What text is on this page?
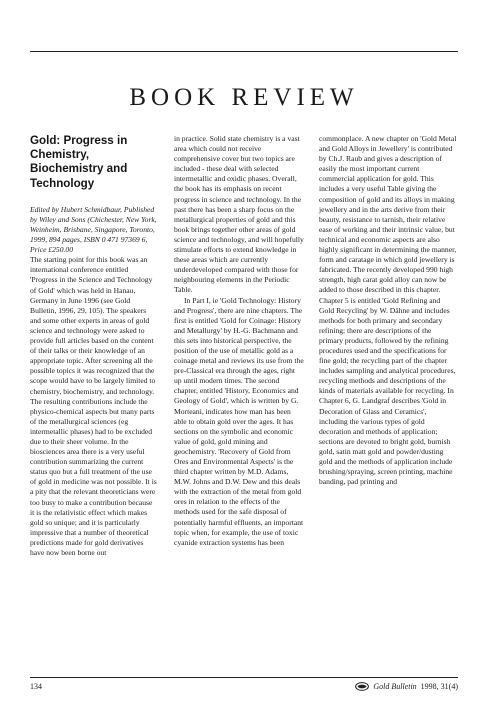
BOOK REVIEW
Gold: Progress in Chemistry, Biochemistry and Technology

Edited by Hubert Schmidbaur, Published by Wiley and Sons (Chichester, New York, Weinheim, Brisbane, Singapore, Toronto, 1999, 894 pages, ISBN 0 471 97369 6, Price £250.00

The starting point for this book was an international conference entitled 'Progress in the Science and Technology of Gold' which was held in Hanau, Germany in June 1996 (see Gold Bulletin, 1996, 29, 105). The speakers and some other experts in areas of gold science and technology were asked to provide full articles based on the content of their talks or their knowledge of an appropriate topic. After screening all the possible topics it was recognized that the scope would have to be largely limited to chemistry, biochemistry, and technology. The resulting contributions include the physico-chemical aspects but many parts of the metallurgical sciences (eg intermetallic phases) had to be excluded due to their sheer volume. In the biosciences area there is a very useful contribution summarizing the current status quo but a full treatment of the use of gold in medicine was not possible. It is a pity that the relevant theoreticians were too busy to make a contribution because it is the relativistic effect which makes gold so unique; and it is particularly impressive that a number of theoretical predictions made for gold derivatives have now been borne out

in practice. Solid state chemistry is a vast area which could not receive comprehensive cover but two topics are included - these deal with selected intermetallic and oxidic phases. Overall, the book has its emphasis on recent progress in science and technology. In the past there has been a sharp focus on the metallurgical properties of gold and this book brings together other areas of gold science and technology, and will hopefully stimulate efforts to extend knowledge in these areas which are currently underdeveloped compared with those for neighbouring elements in the Periodic Table.

In Part I, ie 'Gold Technology: History and Progress', there are nine chapters. The first is entitled 'Gold for Coinage: History and Metallurgy' by H.-G. Bachmann and this sets into historical perspective, the position of the use of metallic gold as a coinage metal and reviews its use from the pre-Classical era through the ages, right up until modern times. The second chapter, entitled 'History, Economics and Geology of Gold', which is written by G. Morteani, indicates how man has been able to obtain gold over the ages. It has sections on the symbolic and economic value of gold, gold mining and geochemistry. 'Recovery of Gold from Ores and Environmental Aspects' is the third chapter written by M.D. Adams, M.W. Johns and D.W. Dew and this deals with the extraction of the metal from gold ores in relation to the effects of the methods used for the safe disposal of potentially harmful effluents, an important topic when, for example, the use of toxic cyanide extraction systems has been

commonplace. A new chapter on 'Gold Metal and Gold Alloys in Jewellery' is contributed by Ch.J. Raub and gives a description of easily the most important current commercial application for gold. This includes a very useful Table giving the composition of gold and its alloys in making jewellery and in the arts derive from their beauty, resistance to tarnish, their relative ease of working and their intrinsic value, but technical and economic aspects are also highly significant in determining the manner, form and caratage in which gold jewellery is fabricated. The recently developed 990 high strength, high carat gold alloy can now be added to those described in this chapter. Chapter 5 is entitled 'Gold Refining and Gold Recycling' by W. Dähne and includes methods for both primary and secondary refining; there are descriptions of the primary products, followed by the refining procedures used and the specifications for fine gold; the recycling part of the chapter includes sampling and analytical procedures, recycling methods and descriptions of the kinds of materials available for recycling. In Chapter 6, G. Landgraf describes 'Gold in Decoration of Glass and Ceramics', including the various types of gold decoration and methods of application; sections are devoted to bright gold, burnish gold, satin matt gold and powder/dusting gold and the methods of application include brushing/spraying, screen printing, machine banding, pad printing and

134	Gold Bulletin 1998, 31(4)
